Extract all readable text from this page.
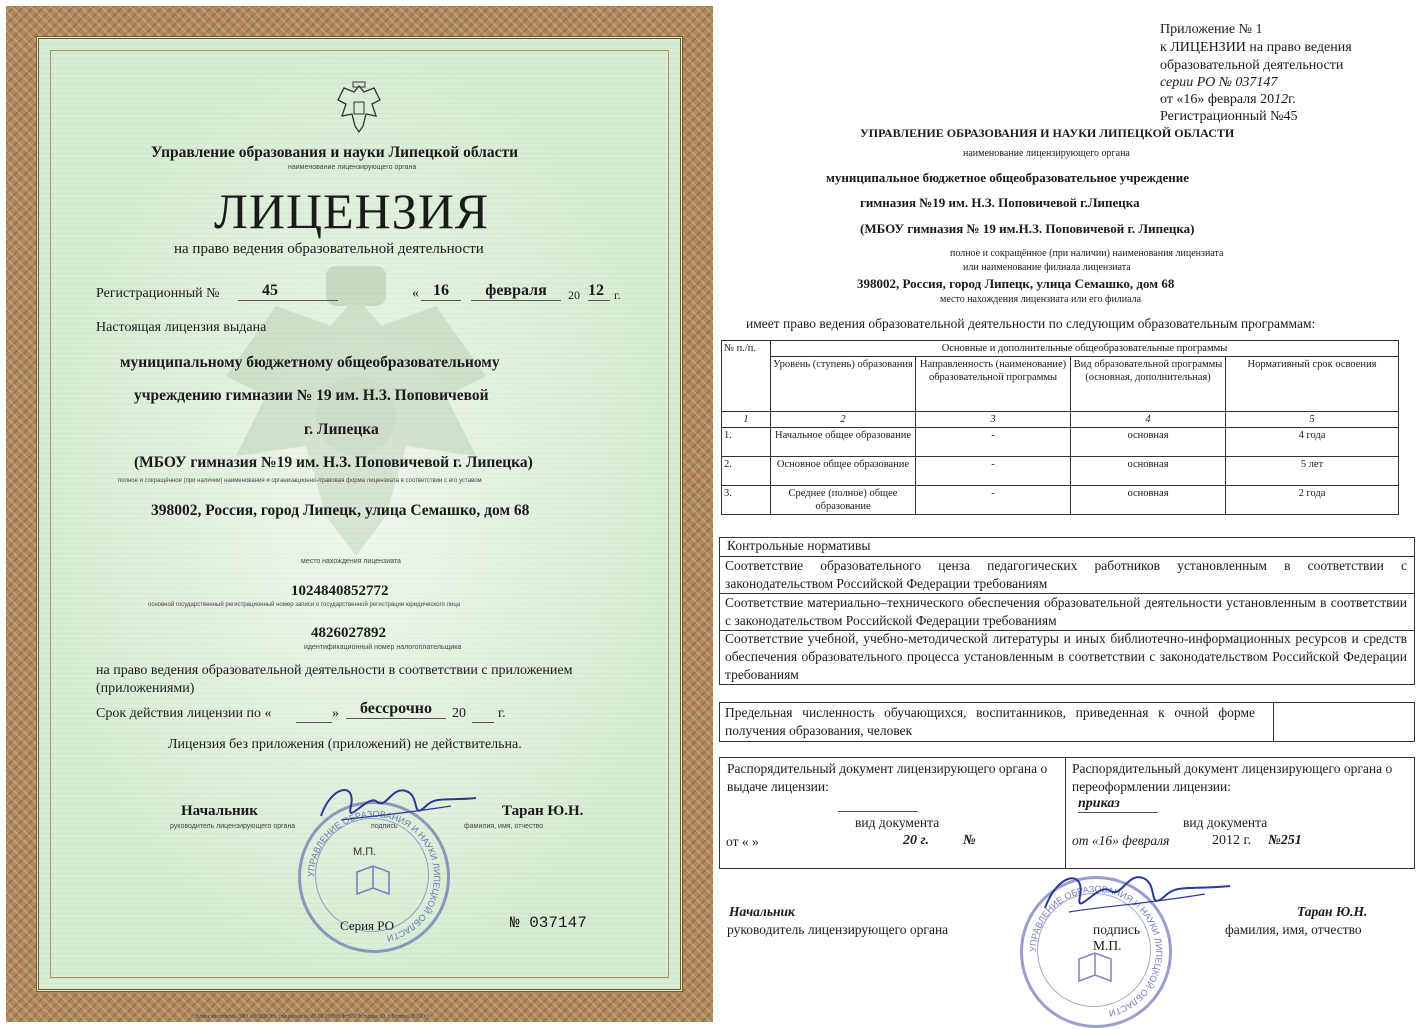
Управление образования и науки Липецкой области
наименование лицензирующего органа
ЛИЦЕНЗИЯ
на право ведения образовательной деятельности
Регистрационный №	45	« 16	февраля	20 12 г.
Настоящая лицензия выдана
муниципальному бюджетному общеобразовательному
учреждению гимназии № 19 им. Н.З. Поповичевой
г. Липецка
(МБОУ гимназия №19 им. Н.З. Поповичевой г. Липецка)
полное и сокращённое (при наличии) наименования и организационно-правовая форма лицензиата в соответствии с его уставом
398002, Россия, город Липецк, улица Семашко, дом 68
место нахождения лицензиата
1024840852772
основной государственный регистрационный номер записи о государственной регистрации юридического лица
4826027892
идентификационный номер налогоплательщика
на право ведения образовательной деятельности в соответствии с приложением
(приложениями)
Срок действия лицензии по «	»	бессрочно	20 г.
Лицензия без приложения (приложений) не действительна.
Начальник
руководитель лицензирующего органа	подпись
Таран Ю.Н.
фамилия, имя, отчество
УПРАВЛЕНИЕ ОБРАЗОВАНИЯ И НАУКИ ЛИПЕЦКОЙ ОБЛАСТИ
М.П.
Серия РО	№ 037147
Бланк изготовлен ЗАО «ОПЦИОН» (лицензия № 03-05-2/0595 ФНС РФ, тираж 10, г. Москва, 2012 г.)
Приложение № 1
к ЛИЦЕНЗИИ на право ведения
образовательной деятельности
серии РО № 037147
от «16» февраля 2012г.
Регистрационный №45
УПРАВЛЕНИЕ ОБРАЗОВАНИЯ И НАУКИ ЛИПЕЦКОЙ ОБЛАСТИ
наименование лицензирующего органа
муниципальное бюджетное общеобразовательное учреждение
гимназия №19 им. Н.З. Поповичевой г.Липецка
(МБОУ гимназия № 19 им.Н.З. Поповичевой г. Липецка)
полное и сокращённое (при наличии) наименования лицензиата
или наименование филиала лицензиата
398002, Россия, город Липецк, улица Семашко, дом 68
место нахождения лицензиата или его филиала
имеет право ведения образовательной деятельности по следующим образовательным программам:
№ п./п.	Основные и дополнительные общеобразовательные программы			
	Уровень (ступень) образования	Направленность (наименование) образовательной программы	Вид образовательной программы (основная, дополнительная)	Нормативный срок освоения
1	2	3	4	5
1.	Начальное общее образование	-	основная	4 года
2.	Основное общее образование	-	основная	5 лет
3.	Среднее (полное) общее образование	-	основная	2 года
Контрольные нормативы
Соответствие образовательного ценза педагогических работников установленным в соответствии с законодательством Российской Федерации требованиям
Соответствие материально–технического обеспечения образовательной деятельности установленным в соответствии с законодательством Российской Федерации требованиям
Соответствие учебной, учебно-методической литературы и иных библиотечно-информационных ресурсов и средств обеспечения образовательного процесса установленным в соответствии с законодательством Российской Федерации требованиям
Предельная численность обучающихся, воспитанников, приведенная к очной форме получения образования, человек
Распорядительный документ лицензирующего органа о выдаче лицензии:
вид документа
от « »	20 г. №
Распорядительный документ лицензирующего органа о переоформлении лицензии:
приказ
вид документа
от «16» февраля	2012 г. №251
Начальник
руководитель лицензирующего органа	подпись
М.П.
Таран Ю.Н.
фамилия, имя, отчество
УПРАВЛЕНИЕ ОБРАЗОВАНИЯ И НАУКИ ЛИПЕЦКОЙ ОБЛАСТИ
